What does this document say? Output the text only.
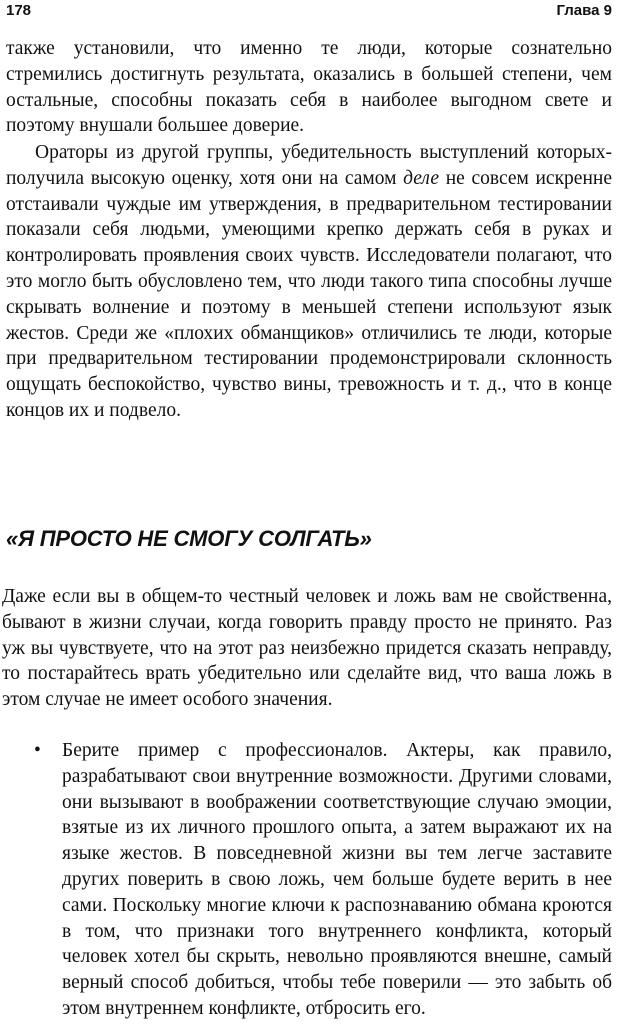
178	Глава 9

также установили, что именно те люди, которые сознательно стремились достигнуть результата, оказались в большей степени, чем остальные, способны показать себя в наиболее выгодном свете и поэтому внушали большее доверие.

Ораторы из другой группы, убедительность выступлений которых- получила высокую оценку, хотя они на самом деле не совсем искренне отстаивали чуждые им утверждения, в предварительном тестировании показали себя людьми, умеющими крепко держать себя в руках и контролировать проявления своих чувств. Исследователи полагают, что это могло быть обусловлено тем, что люди такого типа способны лучше скрывать волнение и поэтому в меньшей степени используют язык жестов. Среди же «плохих обманщиков» отличились те люди, которые при предварительном тестировании продемонстрировали склонность ощущать беспокойство, чувство вины, тревожность и т. д., что в конце концов их и подвело.

«Я ПРОСТО НЕ СМОГУ СОЛГАТЬ»

Даже если вы в общем-то честный человек и ложь вам не свойственна, бывают в жизни случаи, когда говорить правду просто не принято. Раз уж вы чувствуете, что на этот раз неизбежно придется сказать неправду, то постарайтесь врать убедительно или сделайте вид, что ваша ложь в этом случае не имеет особого значения.

•	Берите пример с профессионалов. Актеры, как правило, разрабатывают свои внутренние возможности. Другими словами, они вызывают в воображении соответствующие случаю эмоции, взятые из их личного прошлого опыта, а затем выражают их на языке жестов. В повседневной жизни вы тем легче заставите других поверить в свою ложь, чем больше будете верить в нее сами. Поскольку многие ключи к распознаванию обмана кроются в том, что признаки того внутреннего конфликта, который человек хотел бы скрыть, невольно проявляются внешне, самый верный способ добиться, чтобы тебе поверили — это забыть об этом внутреннем конфликте, отбросить его.
